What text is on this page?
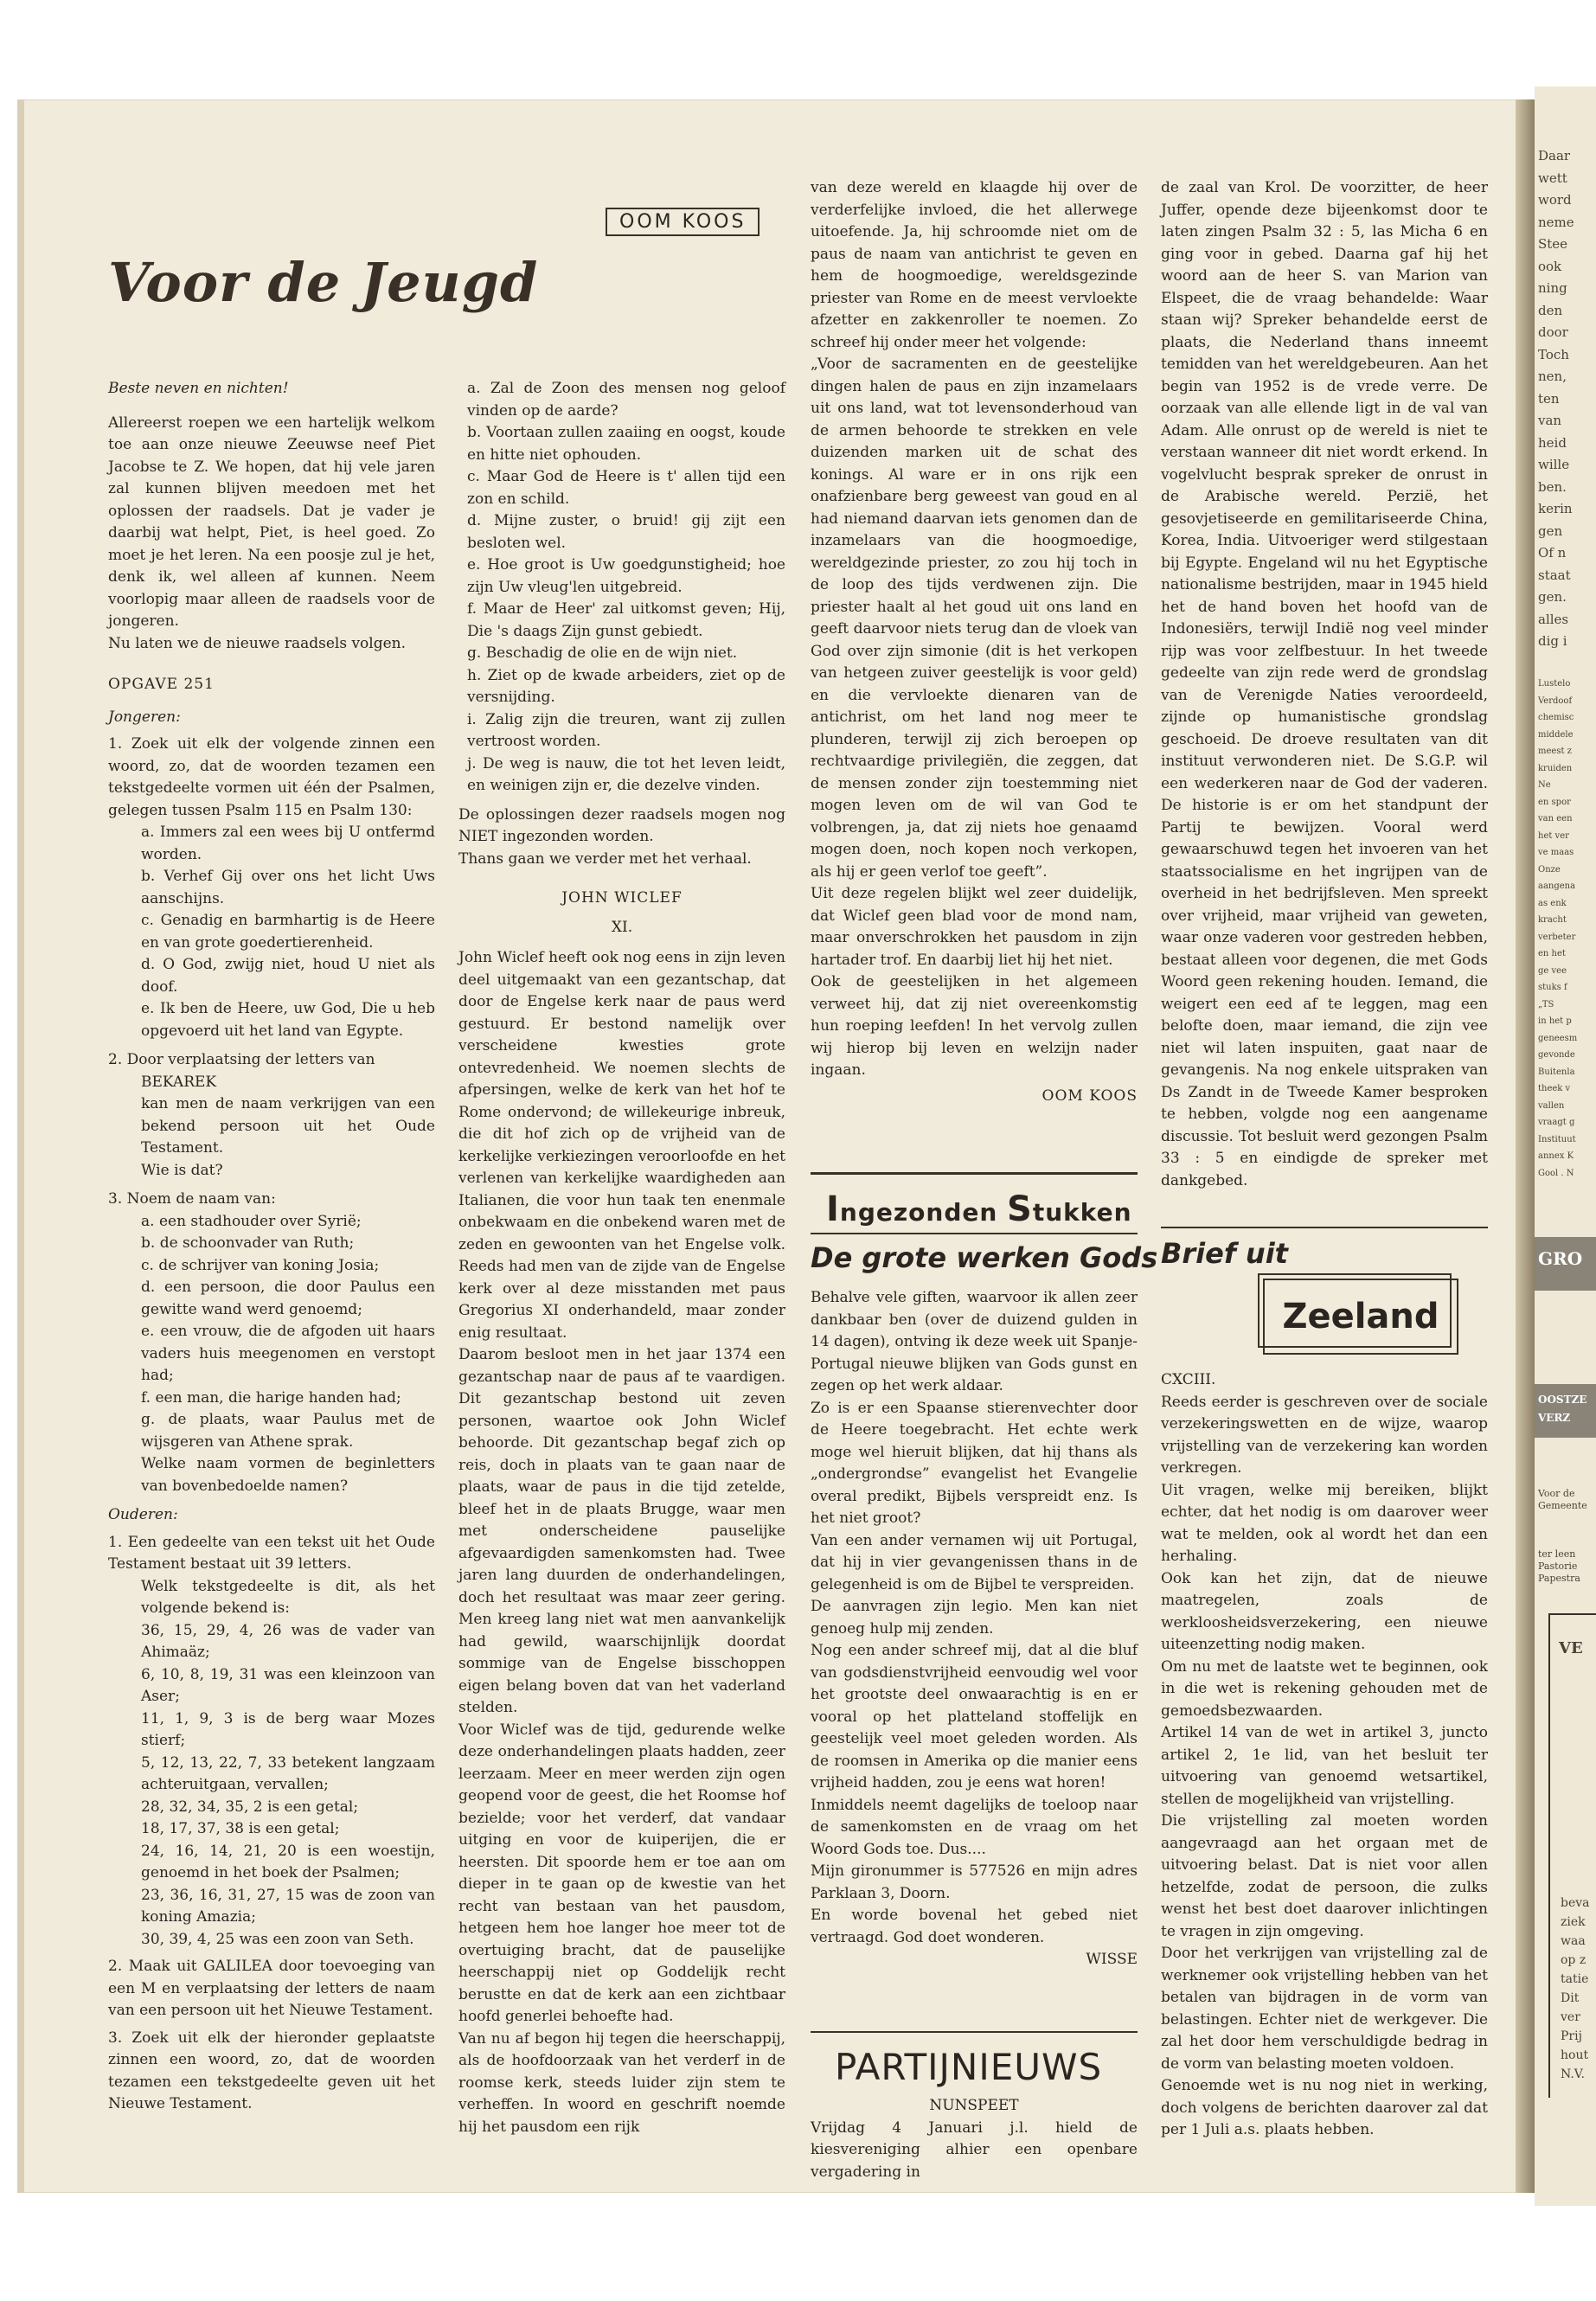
Voor de Jeugd
OOM KOOS

Beste neven en nichten!

Allereerst roepen we een hartelijk welkom toe aan onze nieuwe Zeeuwse neef Piet Jacobse te Z. We hopen, dat hij vele jaren zal kunnen blijven meedoen met het oplossen der raadsels. Dat je vader je daarbij wat helpt, Piet, is heel goed. Zo moet je het leren. Na een poosje zul je het, denk ik, wel alleen af kunnen. Neem voorlopig maar alleen de raadsels voor de jongeren.

Nu laten we de nieuwe raadsels volgen.

OPGAVE 251

Jongeren:

1. Zoek uit elk der volgende zinnen een woord, zo, dat de woorden tezamen een tekstgedeelte vormen uit één der Psalmen, gelegen tussen Psalm 115 en Psalm 130:

a. Immers zal een wees bij U ontfermd worden.

b. Verhef Gij over ons het licht Uws aanschijns.

c. Genadig en barmhartig is de Heere en van grote goedertierenheid.

d. O God, zwijg niet, houd U niet als doof.

e. Ik ben de Heere, uw God, Die u heb opgevoerd uit het land van Egypte.

2. Door verplaatsing der letters van

BEKAREK

kan men de naam verkrijgen van een bekend persoon uit het Oude Testament.

Wie is dat?

3. Noem de naam van:

a. een stadhouder over Syrië;

b. de schoonvader van Ruth;

c. de schrijver van koning Josia;

d. een persoon, die door Paulus een gewitte wand werd genoemd;

e. een vrouw, die de afgoden uit haars vaders huis meegenomen en verstopt had;

f. een man, die harige handen had;

g. de plaats, waar Paulus met de wijsgeren van Athene sprak.

Welke naam vormen de beginletters van bovenbedoelde namen?

Ouderen:

1. Een gedeelte van een tekst uit het Oude Testament bestaat uit 39 letters.

Welk tekstgedeelte is dit, als het volgende bekend is:

36, 15, 29, 4, 26 was de vader van Ahimaäz;

6, 10, 8, 19, 31 was een kleinzoon van Aser;

11, 1, 9, 3 is de berg waar Mozes stierf;

5, 12, 13, 22, 7, 33 betekent langzaam achteruitgaan, vervallen;

28, 32, 34, 35, 2 is een getal;

18, 17, 37, 38 is een getal;

24, 16, 14, 21, 20 is een woestijn, genoemd in het boek der Psalmen;

23, 36, 16, 31, 27, 15 was de zoon van koning Amazia;

30, 39, 4, 25 was een zoon van Seth.

2. Maak uit GALILEA door toevoeging van een M en verplaatsing der letters de naam van een persoon uit het Nieuwe Testament.

3. Zoek uit elk der hieronder geplaatste zinnen een woord, zo, dat de woorden tezamen een tekstgedeelte geven uit het Nieuwe Testament.

a. Zal de Zoon des mensen nog geloof vinden op de aarde?

b. Voortaan zullen zaaiing en oogst, koude en hitte niet ophouden.

c. Maar God de Heere is t' allen tijd een zon en schild.

d. Mijne zuster, o bruid! gij zijt een besloten wel.

e. Hoe groot is Uw goedgunstigheid; hoe zijn Uw vleug'len uitgebreid.

f. Maar de Heer' zal uitkomst geven; Hij, Die 's daags Zijn gunst gebiedt.

g. Beschadig de olie en de wijn niet.

h. Ziet op de kwade arbeiders, ziet op de versnijding.

i. Zalig zijn die treuren, want zij zullen vertroost worden.

j. De weg is nauw, die tot het leven leidt, en weinigen zijn er, die dezelve vinden.

De oplossingen dezer raadsels mogen nog NIET ingezonden worden.

Thans gaan we verder met het verhaal.

JOHN WICLEF

XI.

John Wiclef heeft ook nog eens in zijn leven deel uitgemaakt van een gezantschap, dat door de Engelse kerk naar de paus werd gestuurd. Er bestond namelijk over verscheidene kwesties grote ontevredenheid. We noemen slechts de afpersingen, welke de kerk van het hof te Rome ondervond; de willekeurige inbreuk, die dit hof zich op de vrijheid van de kerkelijke verkiezingen veroorloofde en het verlenen van kerkelijke waardigheden aan Italianen, die voor hun taak ten enenmale onbekwaam en die onbekend waren met de zeden en gewoonten van het Engelse volk. Reeds had men van de zijde van de Engelse kerk over al deze misstanden met paus Gregorius XI onderhandeld, maar zonder enig resultaat.

Daarom besloot men in het jaar 1374 een gezantschap naar de paus af te vaardigen. Dit gezantschap bestond uit zeven personen, waartoe ook John Wiclef behoorde. Dit gezantschap begaf zich op reis, doch in plaats van te gaan naar de plaats, waar de paus in die tijd zetelde, bleef het in de plaats Brugge, waar men met onderscheidene pauselijke afgevaardigden samenkomsten had. Twee jaren lang duurden de onderhandelingen, doch het resultaat was maar zeer gering. Men kreeg lang niet wat men aanvankelijk had gewild, waarschijnlijk doordat sommige van de Engelse bisschoppen eigen belang boven dat van het vaderland stelden.

Voor Wiclef was de tijd, gedurende welke deze onderhandelingen plaats hadden, zeer leerzaam. Meer en meer werden zijn ogen geopend voor de geest, die het Roomse hof bezielde; voor het verderf, dat vandaar uitging en voor de kuiperijen, die er heersten. Dit spoorde hem er toe aan om dieper in te gaan op de kwestie van het recht van bestaan van het pausdom, hetgeen hem hoe langer hoe meer tot de overtuiging bracht, dat de pauselijke heerschappij niet op Goddelijk recht berustte en dat de kerk aan een zichtbaar hoofd generlei behoefte had.

Van nu af begon hij tegen die heerschappij, als de hoofdoorzaak van het verderf in de roomse kerk, steeds luider zijn stem te verheffen. In woord en geschrift noemde hij het pausdom een rijk

van deze wereld en klaagde hij over de verderfelijke invloed, die het allerwege uitoefende. Ja, hij schroomde niet om de paus de naam van antichrist te geven en hem de hoogmoedige, wereldsgezinde priester van Rome en de meest vervloekte afzetter en zakkenroller te noemen. Zo schreef hij onder meer het volgende:

„Voor de sacramenten en de geestelijke dingen halen de paus en zijn inzamelaars uit ons land, wat tot levensonderhoud van de armen behoorde te strekken en vele duizenden marken uit de schat des konings. Al ware er in ons rijk een onafzienbare berg geweest van goud en al had niemand daarvan iets genomen dan de inzamelaars van die hoogmoedige, wereldgezinde priester, zo zou hij toch in de loop des tijds verdwenen zijn. Die priester haalt al het goud uit ons land en geeft daarvoor niets terug dan de vloek van God over zijn simonie (dit is het verkopen van hetgeen zuiver geestelijk is voor geld) en die vervloekte dienaren van de antichrist, om het land nog meer te plunderen, terwijl zij zich beroepen op rechtvaardige privilegiën, die zeggen, dat de mensen zonder zijn toestemming niet mogen leven om de wil van God te volbrengen, ja, dat zij niets hoe genaamd mogen doen, noch kopen noch verkopen, als hij er geen verlof toe geeft”.

Uit deze regelen blijkt wel zeer duidelijk, dat Wiclef geen blad voor de mond nam, maar onverschrokken het pausdom in zijn hartader trof. En daarbij liet hij het niet.

Ook de geestelijken in het algemeen verweet hij, dat zij niet overeenkomstig hun roeping leefden! In het vervolg zullen wij hierop bij leven en welzijn nader ingaan.

OOM KOOS

Ingezonden Stukken
De grote werken Gods

Behalve vele giften, waarvoor ik allen zeer dankbaar ben (over de duizend gulden in 14 dagen), ontving ik deze week uit Spanje-Portugal nieuwe blijken van Gods gunst en zegen op het werk aldaar.

Zo is er een Spaanse stierenvechter door de Heere toegebracht. Het echte werk moge wel hieruit blijken, dat hij thans als „ondergrondse” evangelist het Evangelie overal predikt, Bijbels verspreidt enz. Is het niet groot?

Van een ander vernamen wij uit Portugal, dat hij in vier gevangenissen thans in de gelegenheid is om de Bijbel te verspreiden.

De aanvragen zijn legio. Men kan niet genoeg hulp mij zenden.

Nog een ander schreef mij, dat al die bluf van godsdienstvrijheid eenvoudig wel voor het grootste deel onwaarachtig is en er vooral op het platteland stoffelijk en geestelijk veel moet geleden worden. Als de roomsen in Amerika op die manier eens vrijheid hadden, zou je eens wat horen!

Inmiddels neemt dagelijks de toeloop naar de samenkomsten en de vraag om het Woord Gods toe. Dus....

Mijn gironummer is 577526 en mijn adres Parklaan 3, Doorn.

En worde bovenal het gebed niet vertraagd. God doet wonderen.

WISSE

PARTIJNIEUWS

NUNSPEET

Vrijdag 4 Januari j.l. hield de kiesvereniging alhier een openbare vergadering in

de zaal van Krol. De voorzitter, de heer Juffer, opende deze bijeenkomst door te laten zingen Psalm 32 : 5, las Micha 6 en ging voor in gebed. Daarna gaf hij het woord aan de heer S. van Marion van Elspeet, die de vraag behandelde: Waar staan wij? Spreker behandelde eerst de plaats, die Nederland thans inneemt temidden van het wereldgebeuren. Aan het begin van 1952 is de vrede verre. De oorzaak van alle ellende ligt in de val van Adam. Alle onrust op de wereld is niet te verstaan wanneer dit niet wordt erkend. In vogelvlucht besprak spreker de onrust in de Arabische wereld. Perzië, het gesovjetiseerde en gemilitariseerde China, Korea, India. Uitvoeriger werd stilgestaan bij Egypte. Engeland wil nu het Egyptische nationalisme bestrijden, maar in 1945 hield het de hand boven het hoofd van de Indonesiërs, terwijl Indië nog veel minder rijp was voor zelfbestuur. In het tweede gedeelte van zijn rede werd de grondslag van de Verenigde Naties veroordeeld, zijnde op humanistische grondslag geschoeid. De droeve resultaten van dit instituut verwonderen niet. De S.G.P. wil een wederkeren naar de God der vaderen. De historie is er om het standpunt der Partij te bewijzen. Vooral werd gewaarschuwd tegen het invoeren van het staatssocialisme en het ingrijpen van de overheid in het bedrijfsleven. Men spreekt over vrijheid, maar vrijheid van geweten, waar onze vaderen voor gestreden hebben, bestaat alleen voor degenen, die met Gods Woord geen rekening houden. Iemand, die weigert een eed af te leggen, mag een belofte doen, maar iemand, die zijn vee niet wil laten inspuiten, gaat naar de gevangenis. Na nog enkele uitspraken van Ds Zandt in de Tweede Kamer besproken te hebben, volgde nog een aangename discussie. Tot besluit werd gezongen Psalm 33 : 5 en eindigde de spreker met dankgebed.

Brief uit
Zeeland

CXCIII.

Reeds eerder is geschreven over de sociale verzekeringswetten en de wijze, waarop vrijstelling van de verzekering kan worden verkregen.

Uit vragen, welke mij bereiken, blijkt echter, dat het nodig is om daarover weer wat te melden, ook al wordt het dan een herhaling.

Ook kan het zijn, dat de nieuwe maatregelen, zoals de werkloosheidsverzekering, een nieuwe uiteenzetting nodig maken.

Om nu met de laatste wet te beginnen, ook in die wet is rekening gehouden met de gemoedsbezwaarden.

Artikel 14 van de wet in artikel 3, juncto artikel 2, 1e lid, van het besluit ter uitvoering van genoemd wetsartikel, stellen de mogelijkheid van vrijstelling.

Die vrijstelling zal moeten worden aangevraagd aan het orgaan met de uitvoering belast. Dat is niet voor allen hetzelfde, zodat de persoon, die zulks wenst het best doet daarover inlichtingen te vragen in zijn omgeving.

Door het verkrijgen van vrijstelling zal de werknemer ook vrijstelling hebben van het betalen van bijdragen in de vorm van belastingen. Echter niet de werkgever. Die zal het door hem verschuldigde bedrag in de vorm van belasting moeten voldoen.

Genoemde wet is nu nog niet in werking, doch volgens de berichten daarover zal dat per 1 Juli a.s. plaats hebben.

Daar
wett
word
neme
Stee
ook
ning
den
door
Toch
nen,
ten
van
heid
wille
ben.
kerin
gen
Of n
staat
gen.
alles
dig i
Lustelo
Verdoof
chemisc
middele
meest z
kruiden
Ne
en spor
van een
het ver
ve maas
Onze
aangena
as enk
kracht
verbeter
en het
ge vee
stuks f
„TS
in het p
geneesm
gevonde
Buitenla
theek v
vallen
vraagt g
Instituut
annex K
Gool . N
GRO
OOSTZE VERZ
Voor de Gemeente
ter leen Pastorie Papestra
VE
beva
ziek
waa
op z
tatie
Dit
ver
Prij
hout
N.V.
